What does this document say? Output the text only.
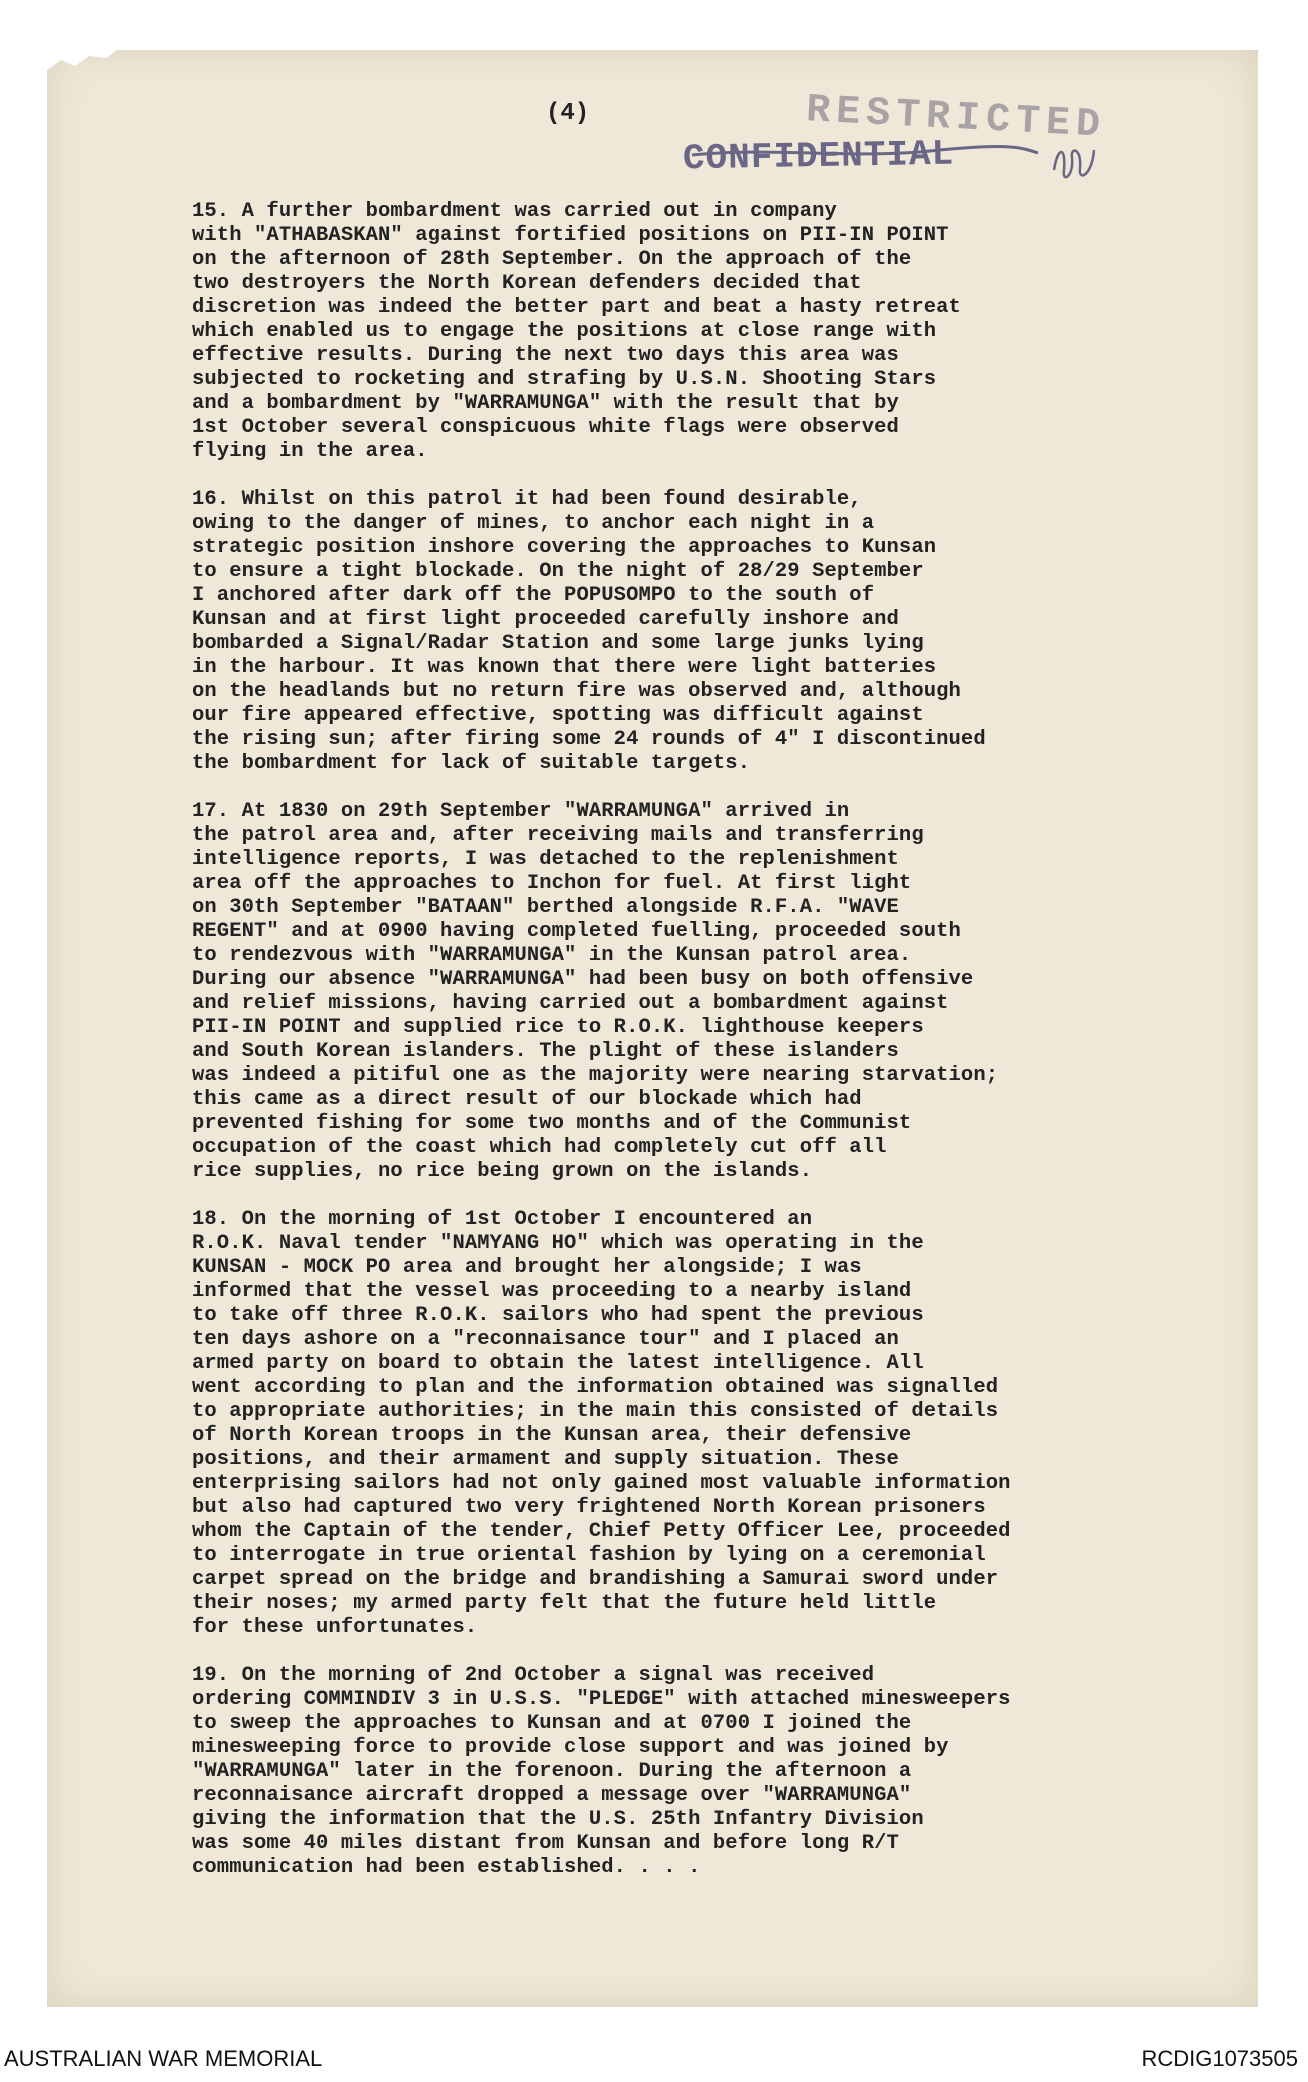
(4)	RESTRICTED
CONFIDENTIAL

15. A further bombardment was carried out in company
with "ATHABASKAN" against fortified positions on PII-IN POINT
on the afternoon of 28th September. On the approach of the
two destroyers the North Korean defenders decided that
discretion was indeed the better part and beat a hasty retreat
which enabled us to engage the positions at close range with
effective results. During the next two days this area was
subjected to rocketing and strafing by U.S.N. Shooting Stars
and a bombardment by "WARRAMUNGA" with the result that by
1st October several conspicuous white flags were observed
flying in the area.

16. Whilst on this patrol it had been found desirable,
owing to the danger of mines, to anchor each night in a
strategic position inshore covering the approaches to Kunsan
to ensure a tight blockade. On the night of 28/29 September
I anchored after dark off the POPUSOMPO to the south of
Kunsan and at first light proceeded carefully inshore and
bombarded a Signal/Radar Station and some large junks lying
in the harbour. It was known that there were light batteries
on the headlands but no return fire was observed and, although
our fire appeared effective, spotting was difficult against
the rising sun; after firing some 24 rounds of 4" I discontinued
the bombardment for lack of suitable targets.

17. At 1830 on 29th September "WARRAMUNGA" arrived in
the patrol area and, after receiving mails and transferring
intelligence reports, I was detached to the replenishment
area off the approaches to Inchon for fuel. At first light
on 30th September "BATAAN" berthed alongside R.F.A. "WAVE
REGENT" and at 0900 having completed fuelling, proceeded south
to rendezvous with "WARRAMUNGA" in the Kunsan patrol area.
During our absence "WARRAMUNGA" had been busy on both offensive
and relief missions, having carried out a bombardment against
PII-IN POINT and supplied rice to R.O.K. lighthouse keepers
and South Korean islanders. The plight of these islanders
was indeed a pitiful one as the majority were nearing starvation;
this came as a direct result of our blockade which had
prevented fishing for some two months and of the Communist
occupation of the coast which had completely cut off all
rice supplies, no rice being grown on the islands.

18. On the morning of 1st October I encountered an
R.O.K. Naval tender "NAMYANG HO" which was operating in the
KUNSAN - MOCK PO area and brought her alongside; I was
informed that the vessel was proceeding to a nearby island
to take off three R.O.K. sailors who had spent the previous
ten days ashore on a "reconnaisance tour" and I placed an
armed party on board to obtain the latest intelligence. All
went according to plan and the information obtained was signalled
to appropriate authorities; in the main this consisted of details
of North Korean troops in the Kunsan area, their defensive
positions, and their armament and supply situation. These
enterprising sailors had not only gained most valuable information
but also had captured two very frightened North Korean prisoners
whom the Captain of the tender, Chief Petty Officer Lee, proceeded
to interrogate in true oriental fashion by lying on a ceremonial
carpet spread on the bridge and brandishing a Samurai sword under
their noses; my armed party felt that the future held little
for these unfortunates.

19. On the morning of 2nd October a signal was received
ordering COMMINDIV 3 in U.S.S. "PLEDGE" with attached minesweepers
to sweep the approaches to Kunsan and at 0700 I joined the
minesweeping force to provide close support and was joined by
"WARRAMUNGA" later in the forenoon. During the afternoon a
reconnaisance aircraft dropped a message over "WARRAMUNGA"
giving the information that the U.S. 25th Infantry Division
was some 40 miles distant from Kunsan and before long R/T
communication had been established. . . .

AUSTRALIAN WAR MEMORIAL	RCDIG1073505
